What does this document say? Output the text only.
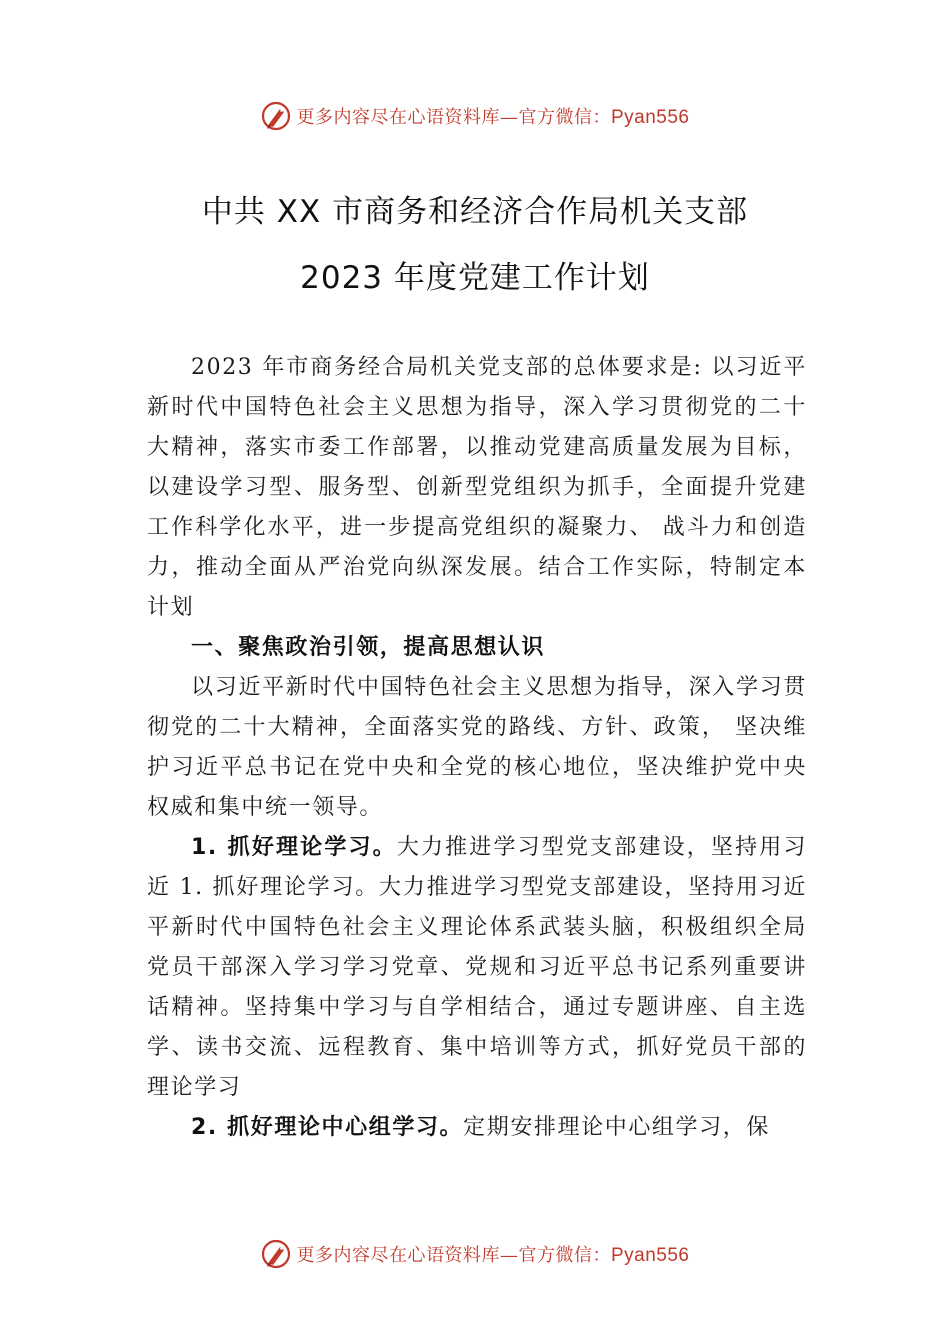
更多内容尽在心语资料库—官方微信：Pyan556
中共 XX 市商务和经济合作局机关支部
2023 年度党建工作计划

2023 年市商务经合局机关党支部的总体要求是: 以习近平新时代中国特色社会主义思想为指导，深入学习贯彻党的二十大精神，落实市委工作部署，以推动党建高质量发展为目标，以建设学习型、服务型、创新型党组织为抓手，全面提升党建工作科学化水平，进一步提高党组织的凝聚力、 战斗力和创造力，推动全面从严治党向纵深发展。结合工作实际，特制定本计划

一、聚焦政治引领，提高思想认识

以习近平新时代中国特色社会主义思想为指导，深入学习贯彻党的二十大精神，全面落实党的路线、方针、政策， 坚决维护习近平总书记在党中央和全党的核心地位，坚决维护党中央权威和集中统一领导。

1. 抓好理论学习。大力推进学习型党支部建设，坚持用习近 1. 抓好理论学习。大力推进学习型党支部建设，坚持用习近平新时代中国特色社会主义理论体系武装头脑，积极组织全局党员干部深入学习学习党章、党规和习近平总书记系列重要讲话精神。坚持集中学习与自学相结合，通过专题讲座、自主选学、读书交流、远程教育、集中培训等方式，抓好党员干部的理论学习

2. 抓好理论中心组学习。定期安排理论中心组学习，保

更多内容尽在心语资料库—官方微信：Pyan556
